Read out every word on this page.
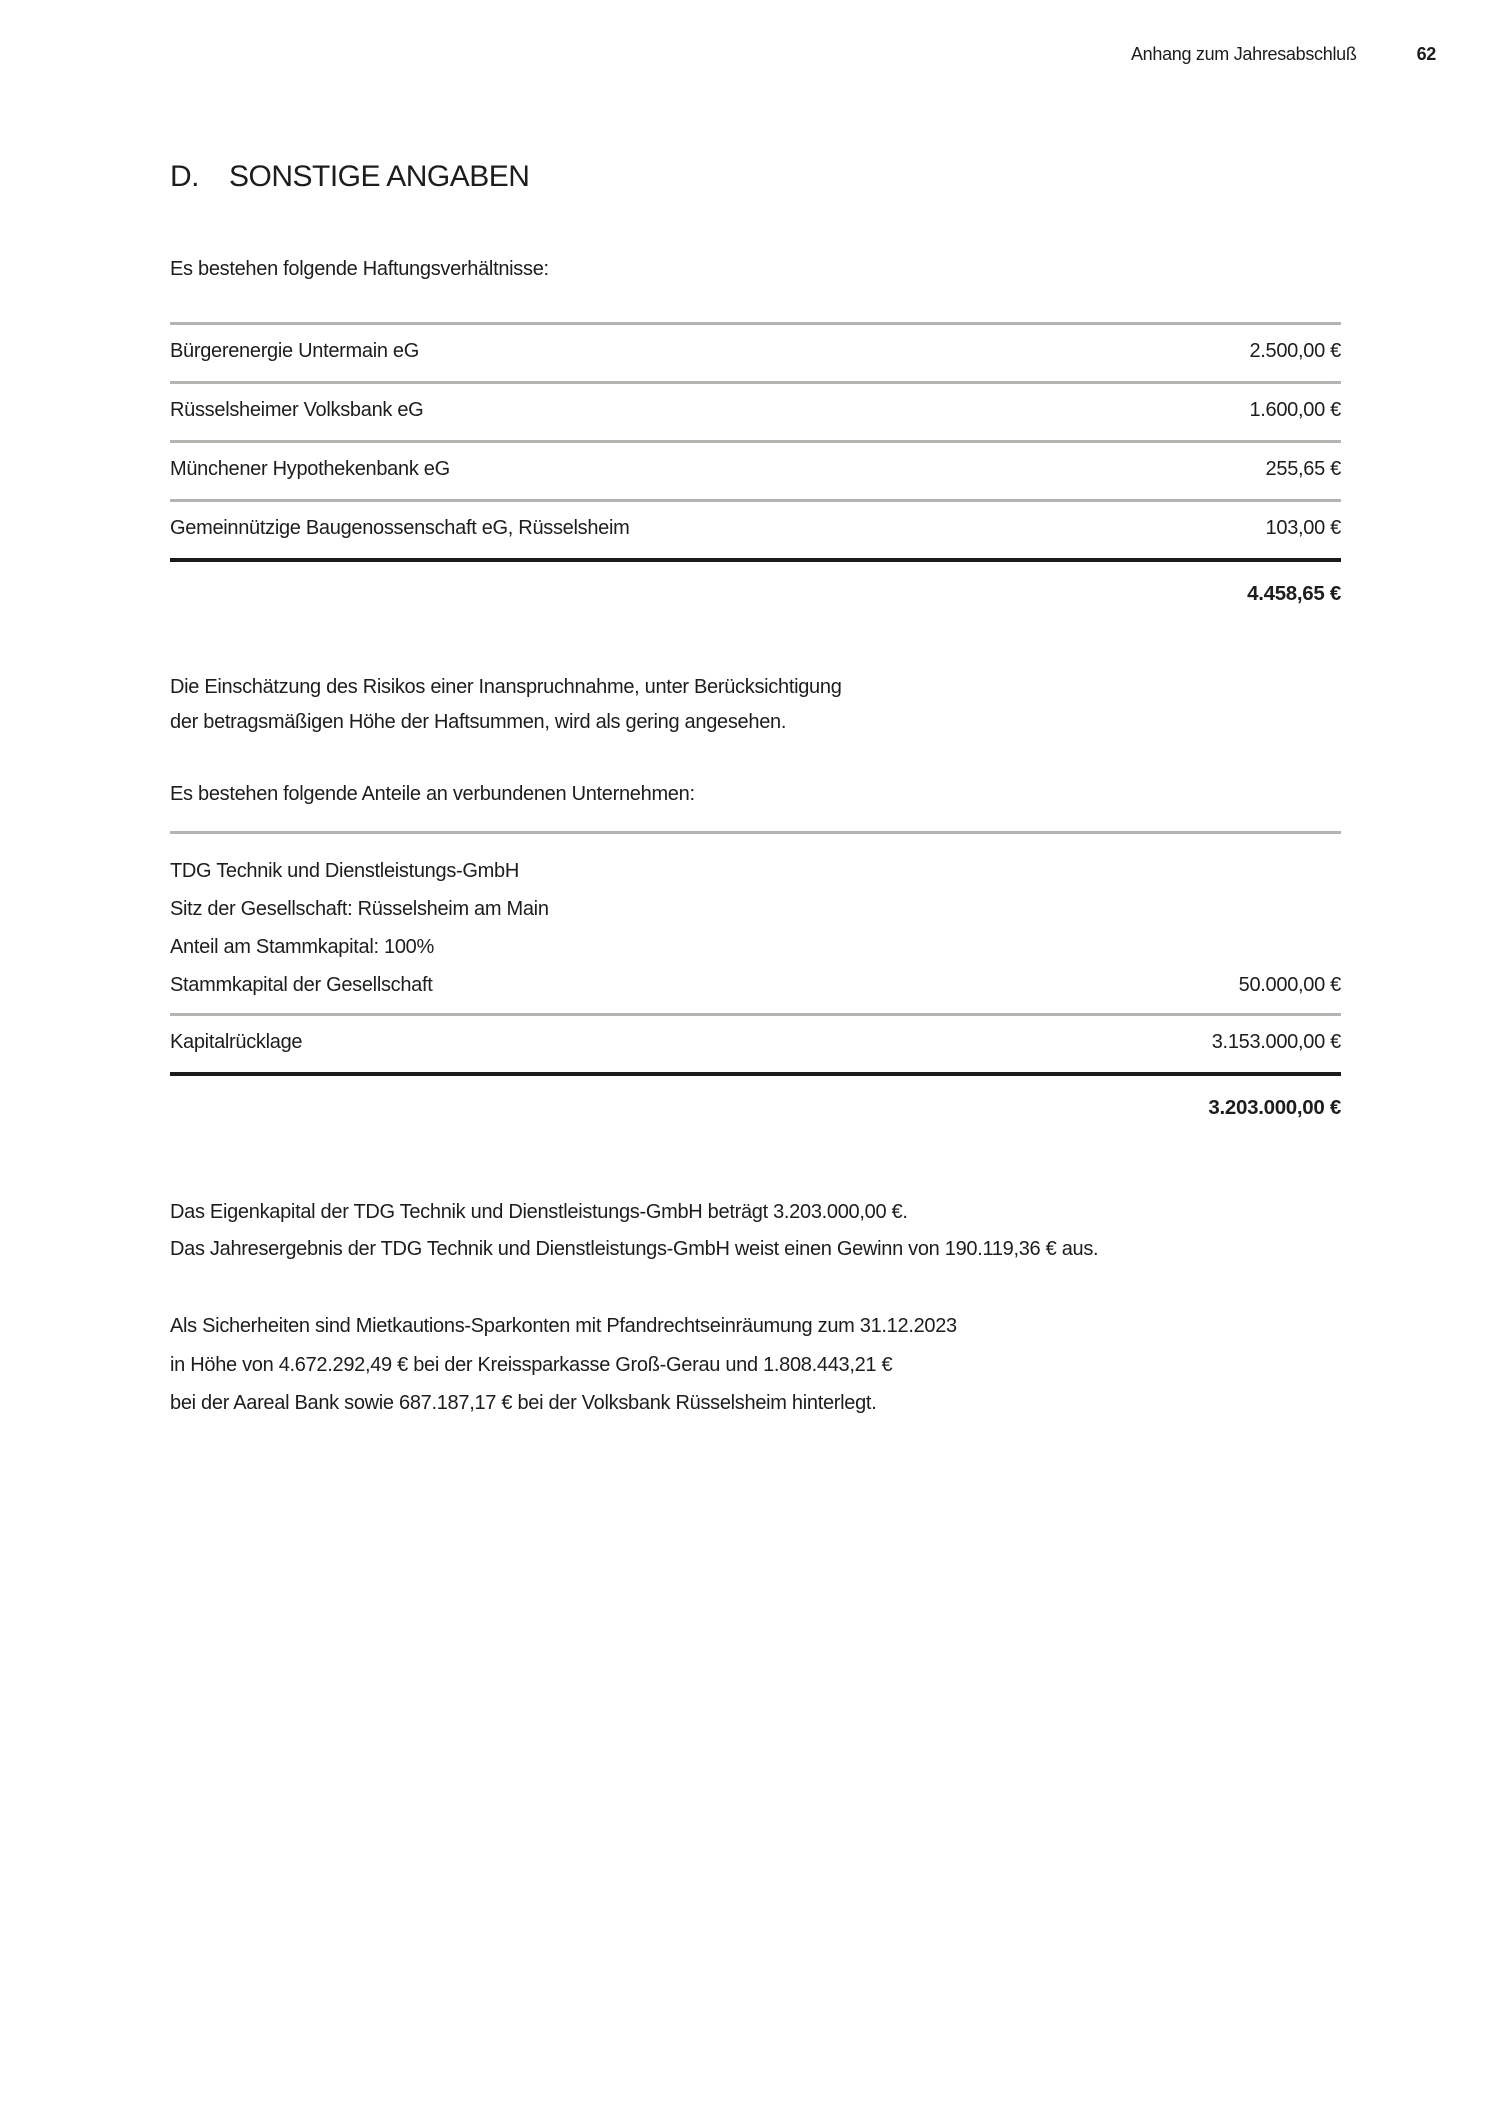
Anhang zum Jahresabschluß	62
D.	SONSTIGE ANGABEN

Es bestehen folgende Haftungsverhältnisse:

Bürgerenergie Untermain eG	2.500,00 €
Rüsselsheimer Volksbank eG	1.600,00 €
Münchener Hypothekenbank eG	255,65 €
Gemeinnützige Baugenossenschaft eG, Rüsselsheim	103,00 €
4.458,65 €

Die Einschätzung des Risikos einer Inanspruchnahme, unter Berücksichtigung
der betragsmäßigen Höhe der Haftsummen, wird als gering angesehen.

Es bestehen folgende Anteile an verbundenen Unternehmen:

TDG Technik und Dienstleistungs-GmbH
Sitz der Gesellschaft: Rüsselsheim am Main
Anteil am Stammkapital: 100%
Stammkapital der Gesellschaft	50.000,00 €
Kapitalrücklage	3.153.000,00 €
3.203.000,00 €

Das Eigenkapital der TDG Technik und Dienstleistungs-GmbH beträgt 3.203.000,00 €.
Das Jahresergebnis der TDG Technik und Dienstleistungs-GmbH weist einen Gewinn von 190.119,36 € aus.

Als Sicherheiten sind Mietkautions-Sparkonten mit Pfandrechtseinräumung zum 31.12.2023
in Höhe von 4.672.292,49 € bei der Kreissparkasse Groß-Gerau und 1.808.443,21 €
bei der Aareal Bank sowie 687.187,17 € bei der Volksbank Rüsselsheim hinterlegt.
